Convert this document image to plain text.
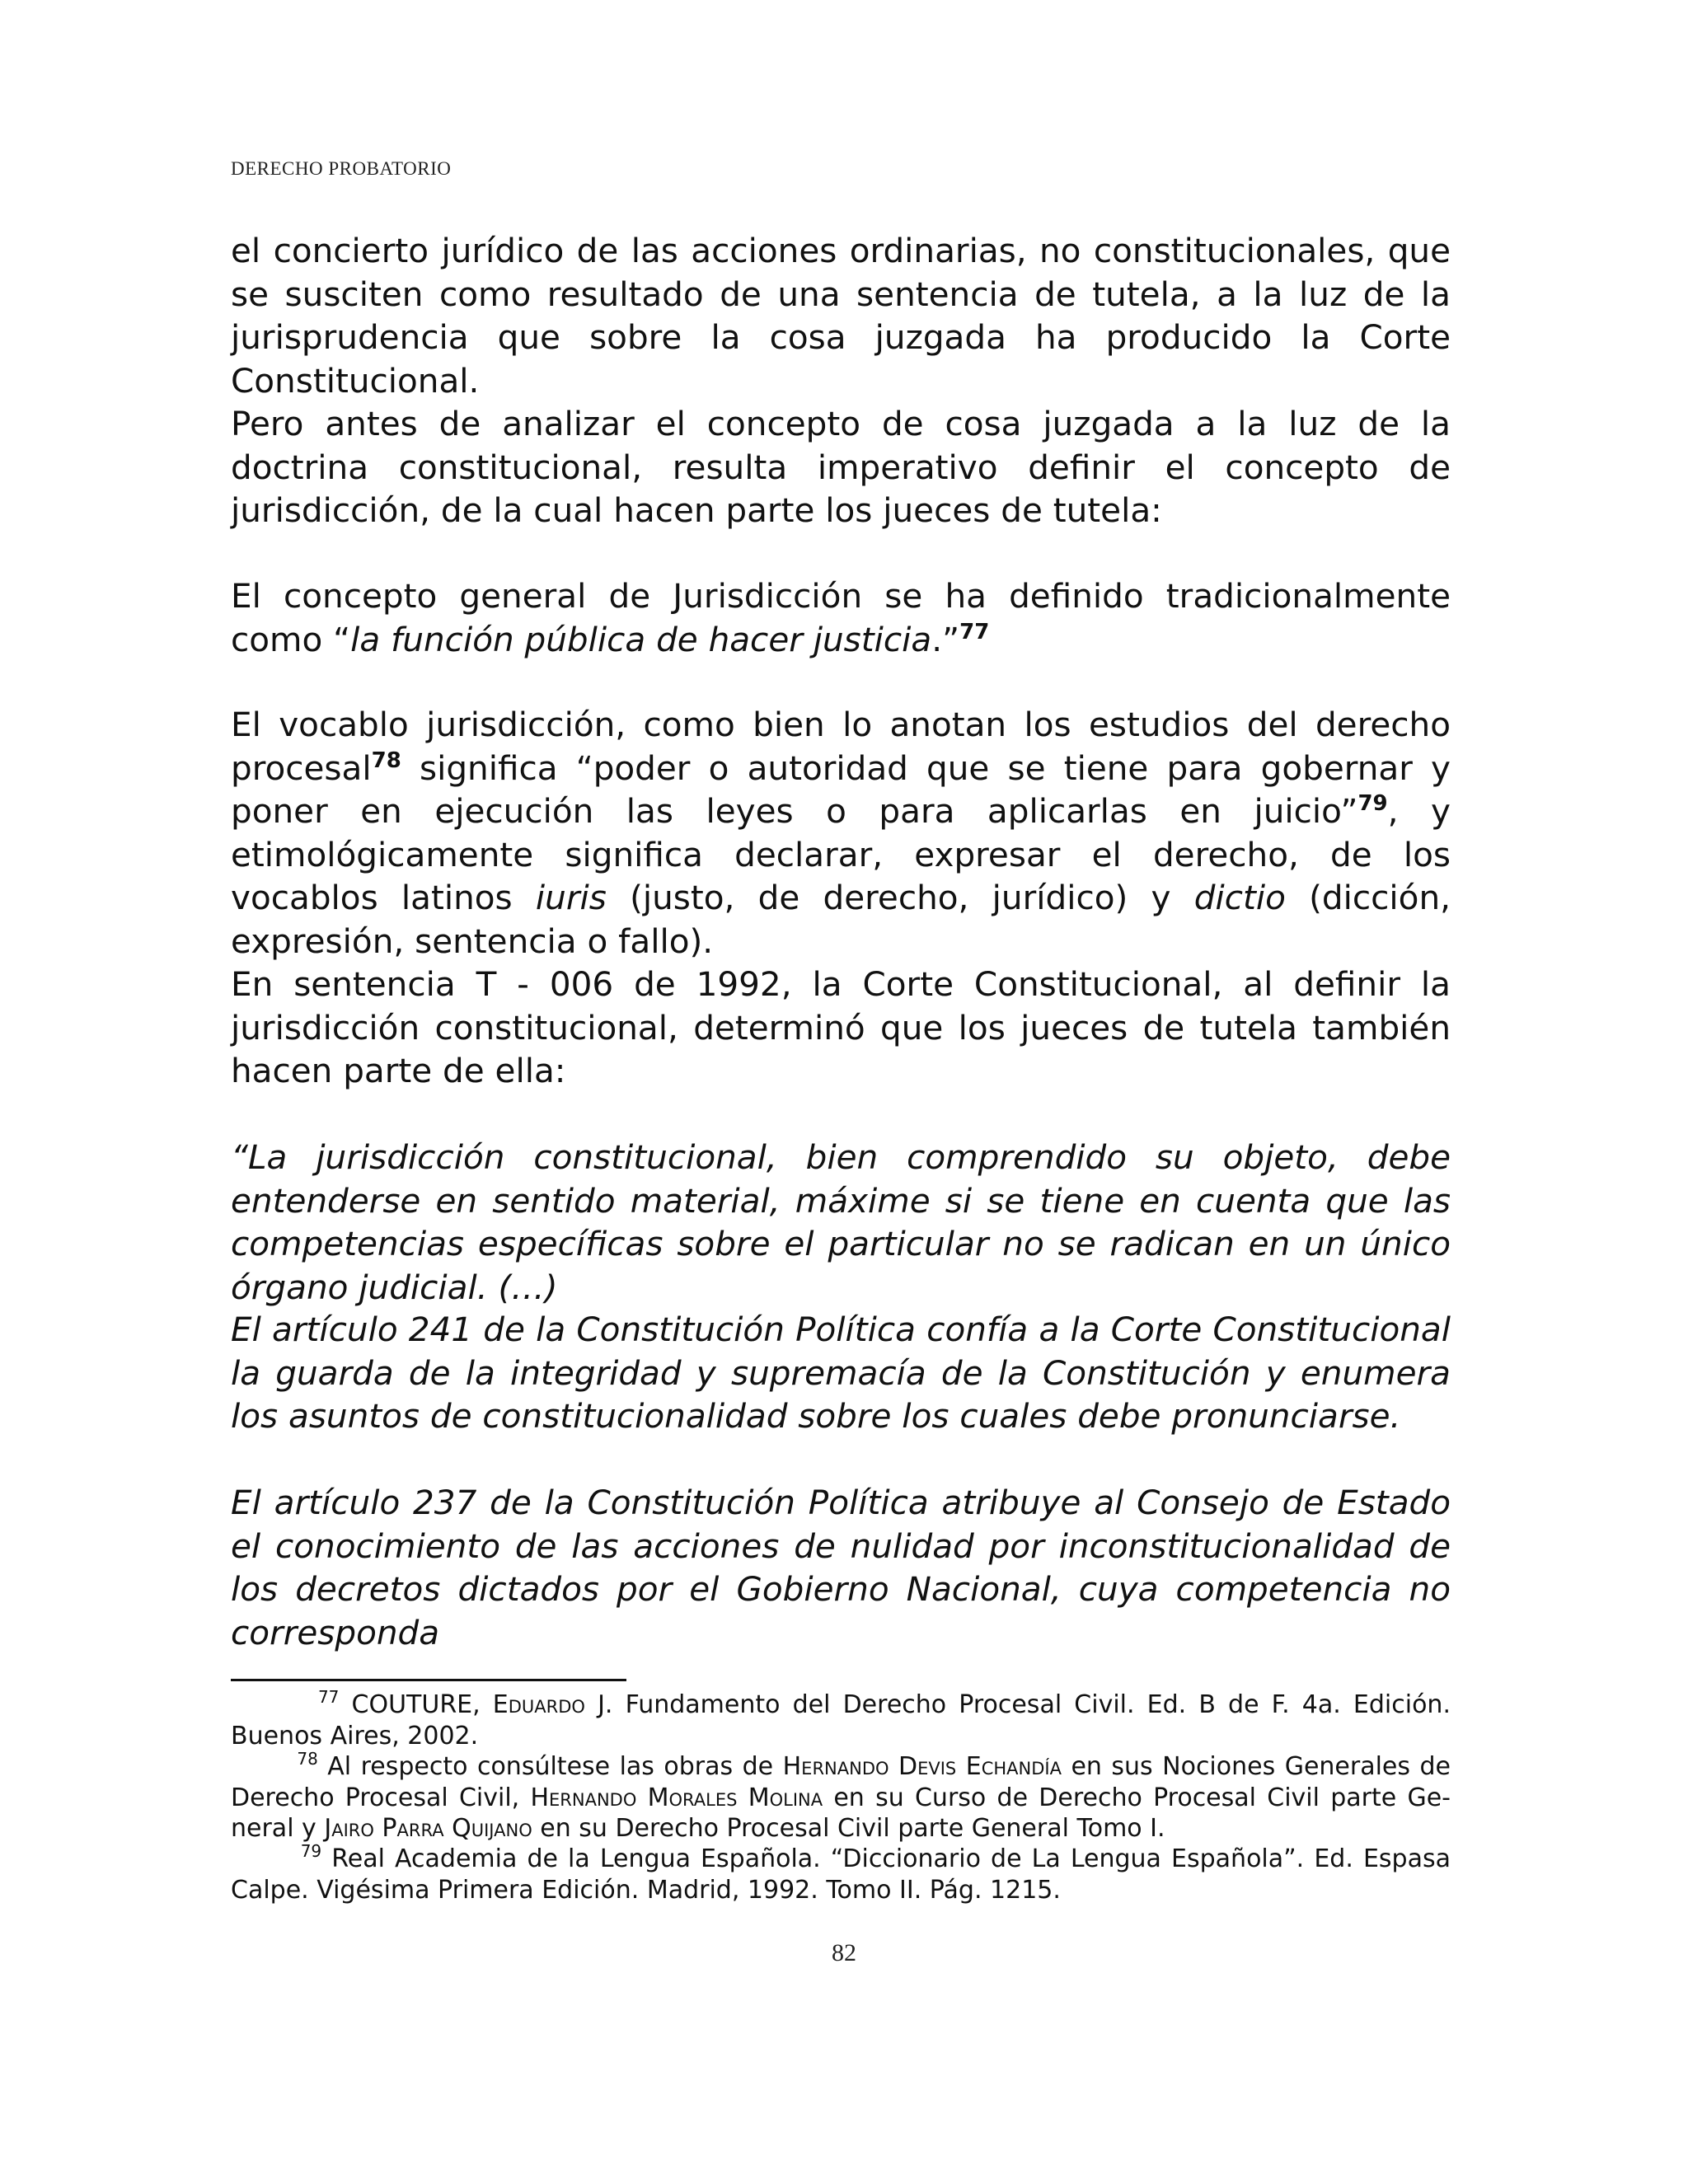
DERECHO PROBATORIO

el concierto jurídico de las acciones ordinarias, no constitucionales, que se susciten como resultado de una sentencia de tutela, a la luz de la jurisprudencia que sobre la cosa juzgada ha producido la Corte Constitucional.

Pero antes de analizar el concepto de cosa juzgada a la luz de la doctrina constitucional, resulta imperativo definir el concepto de jurisdicción, de la cual hacen parte los jueces de tutela:

El concepto general de Jurisdicción se ha definido tradicionalmente como “la función pública de hacer justicia.”$^{77}$

El vocablo jurisdicción, como bien lo anotan los estudios del derecho procesal$^{78}$ significa “poder o autoridad que se tiene para gobernar y poner en ejecución las leyes o para aplicarlas en juicio”$^{79}$, y etimológicamente significa declarar, expresar el derecho, de los vocablos latinos iuris (justo, de derecho, jurídico) y dictio (dicción, expresión, sentencia o fallo).

En sentencia T - 006 de 1992, la Corte Constitucional, al definir la jurisdicción constitucional, determinó que los jueces de tutela también hacen parte de ella:

“La jurisdicción constitucional, bien comprendido su objeto, debe entenderse en sentido material, máxime si se tiene en cuenta que las competencias específicas sobre el particular no se radican en un único órgano judicial. (…)

El artículo 241 de la Constitución Política confía a la Corte Constitucional la guarda de la integridad y supremacía de la Constitución y enumera los asuntos de constitucionalidad sobre los cuales debe pronunciarse.

El artículo 237 de la Constitución Política atribuye al Consejo de Estado el conocimiento de las acciones de nulidad por inconstitucionalidad de los decretos dictados por el Gobierno Nacional, cuya competencia no corresponda

$^{77}$ COUTURE, Eduardo J. Fundamento del Derecho Procesal Civil. Ed. B de F. 4a. Edición. Buenos Aires, 2002.

$^{78}$ Al respecto consúltese las obras de Hernando Devis Echandía en sus Nociones Generales de Derecho Procesal Civil, Hernando Morales Molina en su Curso de Derecho Procesal Civil parte General y Jairo Parra Quijano en su Derecho Procesal Civil parte General Tomo I.

$^{79}$ Real Academia de la Lengua Española. “Diccionario de La Lengua Española”. Ed. Espasa Calpe. Vigésima Primera Edición. Madrid, 1992. Tomo II. Pág. 1215.

82
